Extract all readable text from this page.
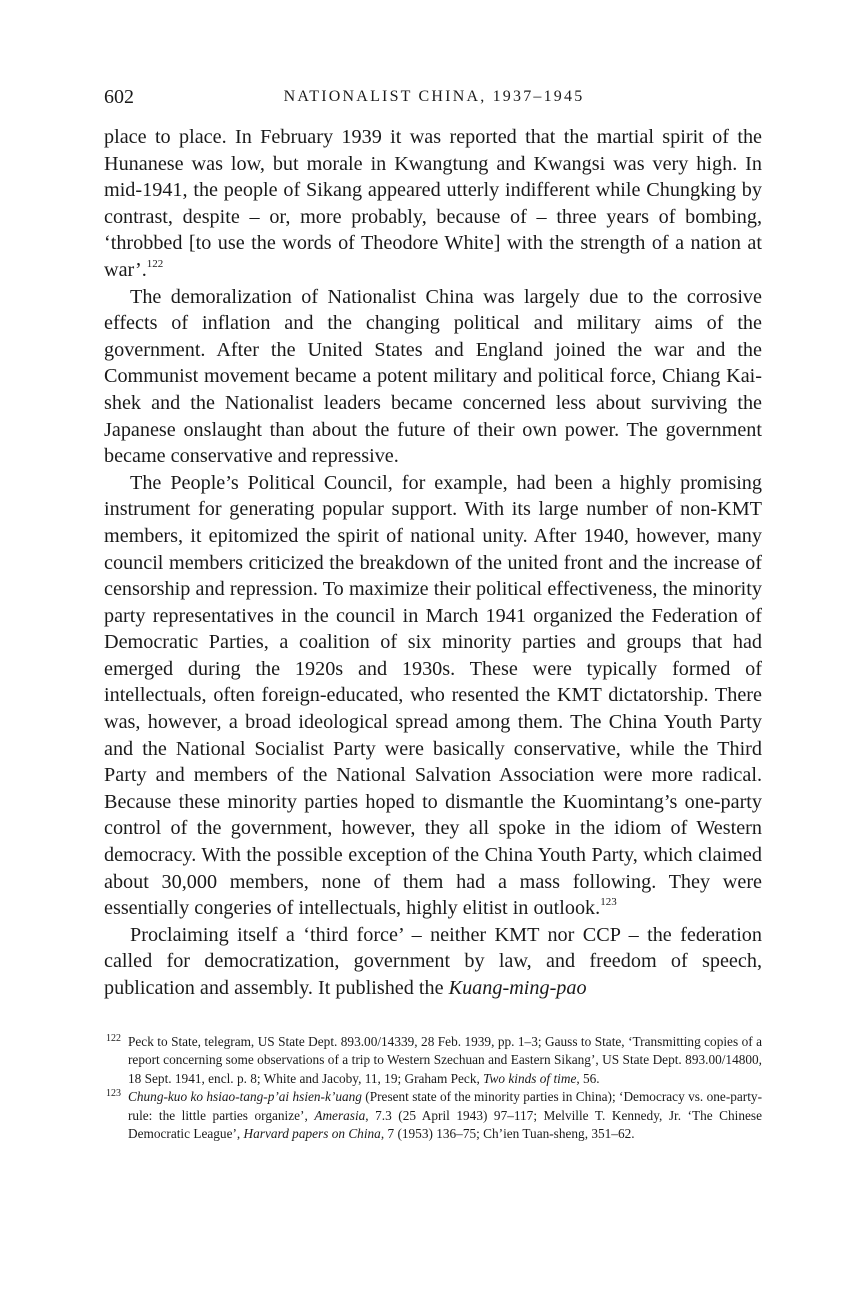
602	NATIONALIST CHINA, 1937–1945

place to place. In February 1939 it was reported that the martial spirit of the Hunanese was low, but morale in Kwangtung and Kwangsi was very high. In mid-1941, the people of Sikang appeared utterly indifferent while Chungking by contrast, despite – or, more probably, because of – three years of bombing, ‘throbbed [to use the words of Theodore White] with the strength of a nation at war’.$^{122}$

The demoralization of Nationalist China was largely due to the corrosive effects of inflation and the changing political and military aims of the government. After the United States and England joined the war and the Communist movement became a potent military and political force, Chiang Kai-shek and the Nationalist leaders became concerned less about surviving the Japanese onslaught than about the future of their own power. The government became conservative and repressive.

The People’s Political Council, for example, had been a highly promising instrument for generating popular support. With its large number of non-KMT members, it epitomized the spirit of national unity. After 1940, however, many council members criticized the breakdown of the united front and the increase of censorship and repression. To maximize their political effectiveness, the minority party representatives in the council in March 1941 organized the Federation of Democratic Parties, a coalition of six minority parties and groups that had emerged during the 1920s and 1930s. These were typically formed of intellectuals, often foreign-educated, who resented the KMT dictatorship. There was, however, a broad ideological spread among them. The China Youth Party and the National Socialist Party were basically conservative, while the Third Party and members of the National Salvation Association were more radical. Because these minority parties hoped to dismantle the Kuomintang’s one-party control of the government, however, they all spoke in the idiom of Western democracy. With the possible exception of the China Youth Party, which claimed about 30,000 members, none of them had a mass following. They were essentially congeries of intellectuals, highly elitist in outlook.$^{123}$

Proclaiming itself a ‘third force’ – neither KMT nor CCP – the federation called for democratization, government by law, and freedom of speech, publication and assembly. It published the Kuang-ming-pao

122 Peck to State, telegram, US State Dept. 893.00/14339, 28 Feb. 1939, pp. 1–3; Gauss to State, ‘Transmitting copies of a report concerning some observations of a trip to Western Szechuan and Eastern Sikang’, US State Dept. 893.00/14800, 18 Sept. 1941, encl. p. 8; White and Jacoby, 11, 19; Graham Peck, Two kinds of time, 56.
123 Chung-kuo ko hsiao-tang-p’ai hsien-k’uang (Present state of the minority parties in China); ‘Democracy vs. one-party-rule: the little parties organize’, Amerasia, 7.3 (25 April 1943) 97–117; Melville T. Kennedy, Jr. ‘The Chinese Democratic League’, Harvard papers on China, 7 (1953) 136–75; Ch’ien Tuan-sheng, 351–62.
